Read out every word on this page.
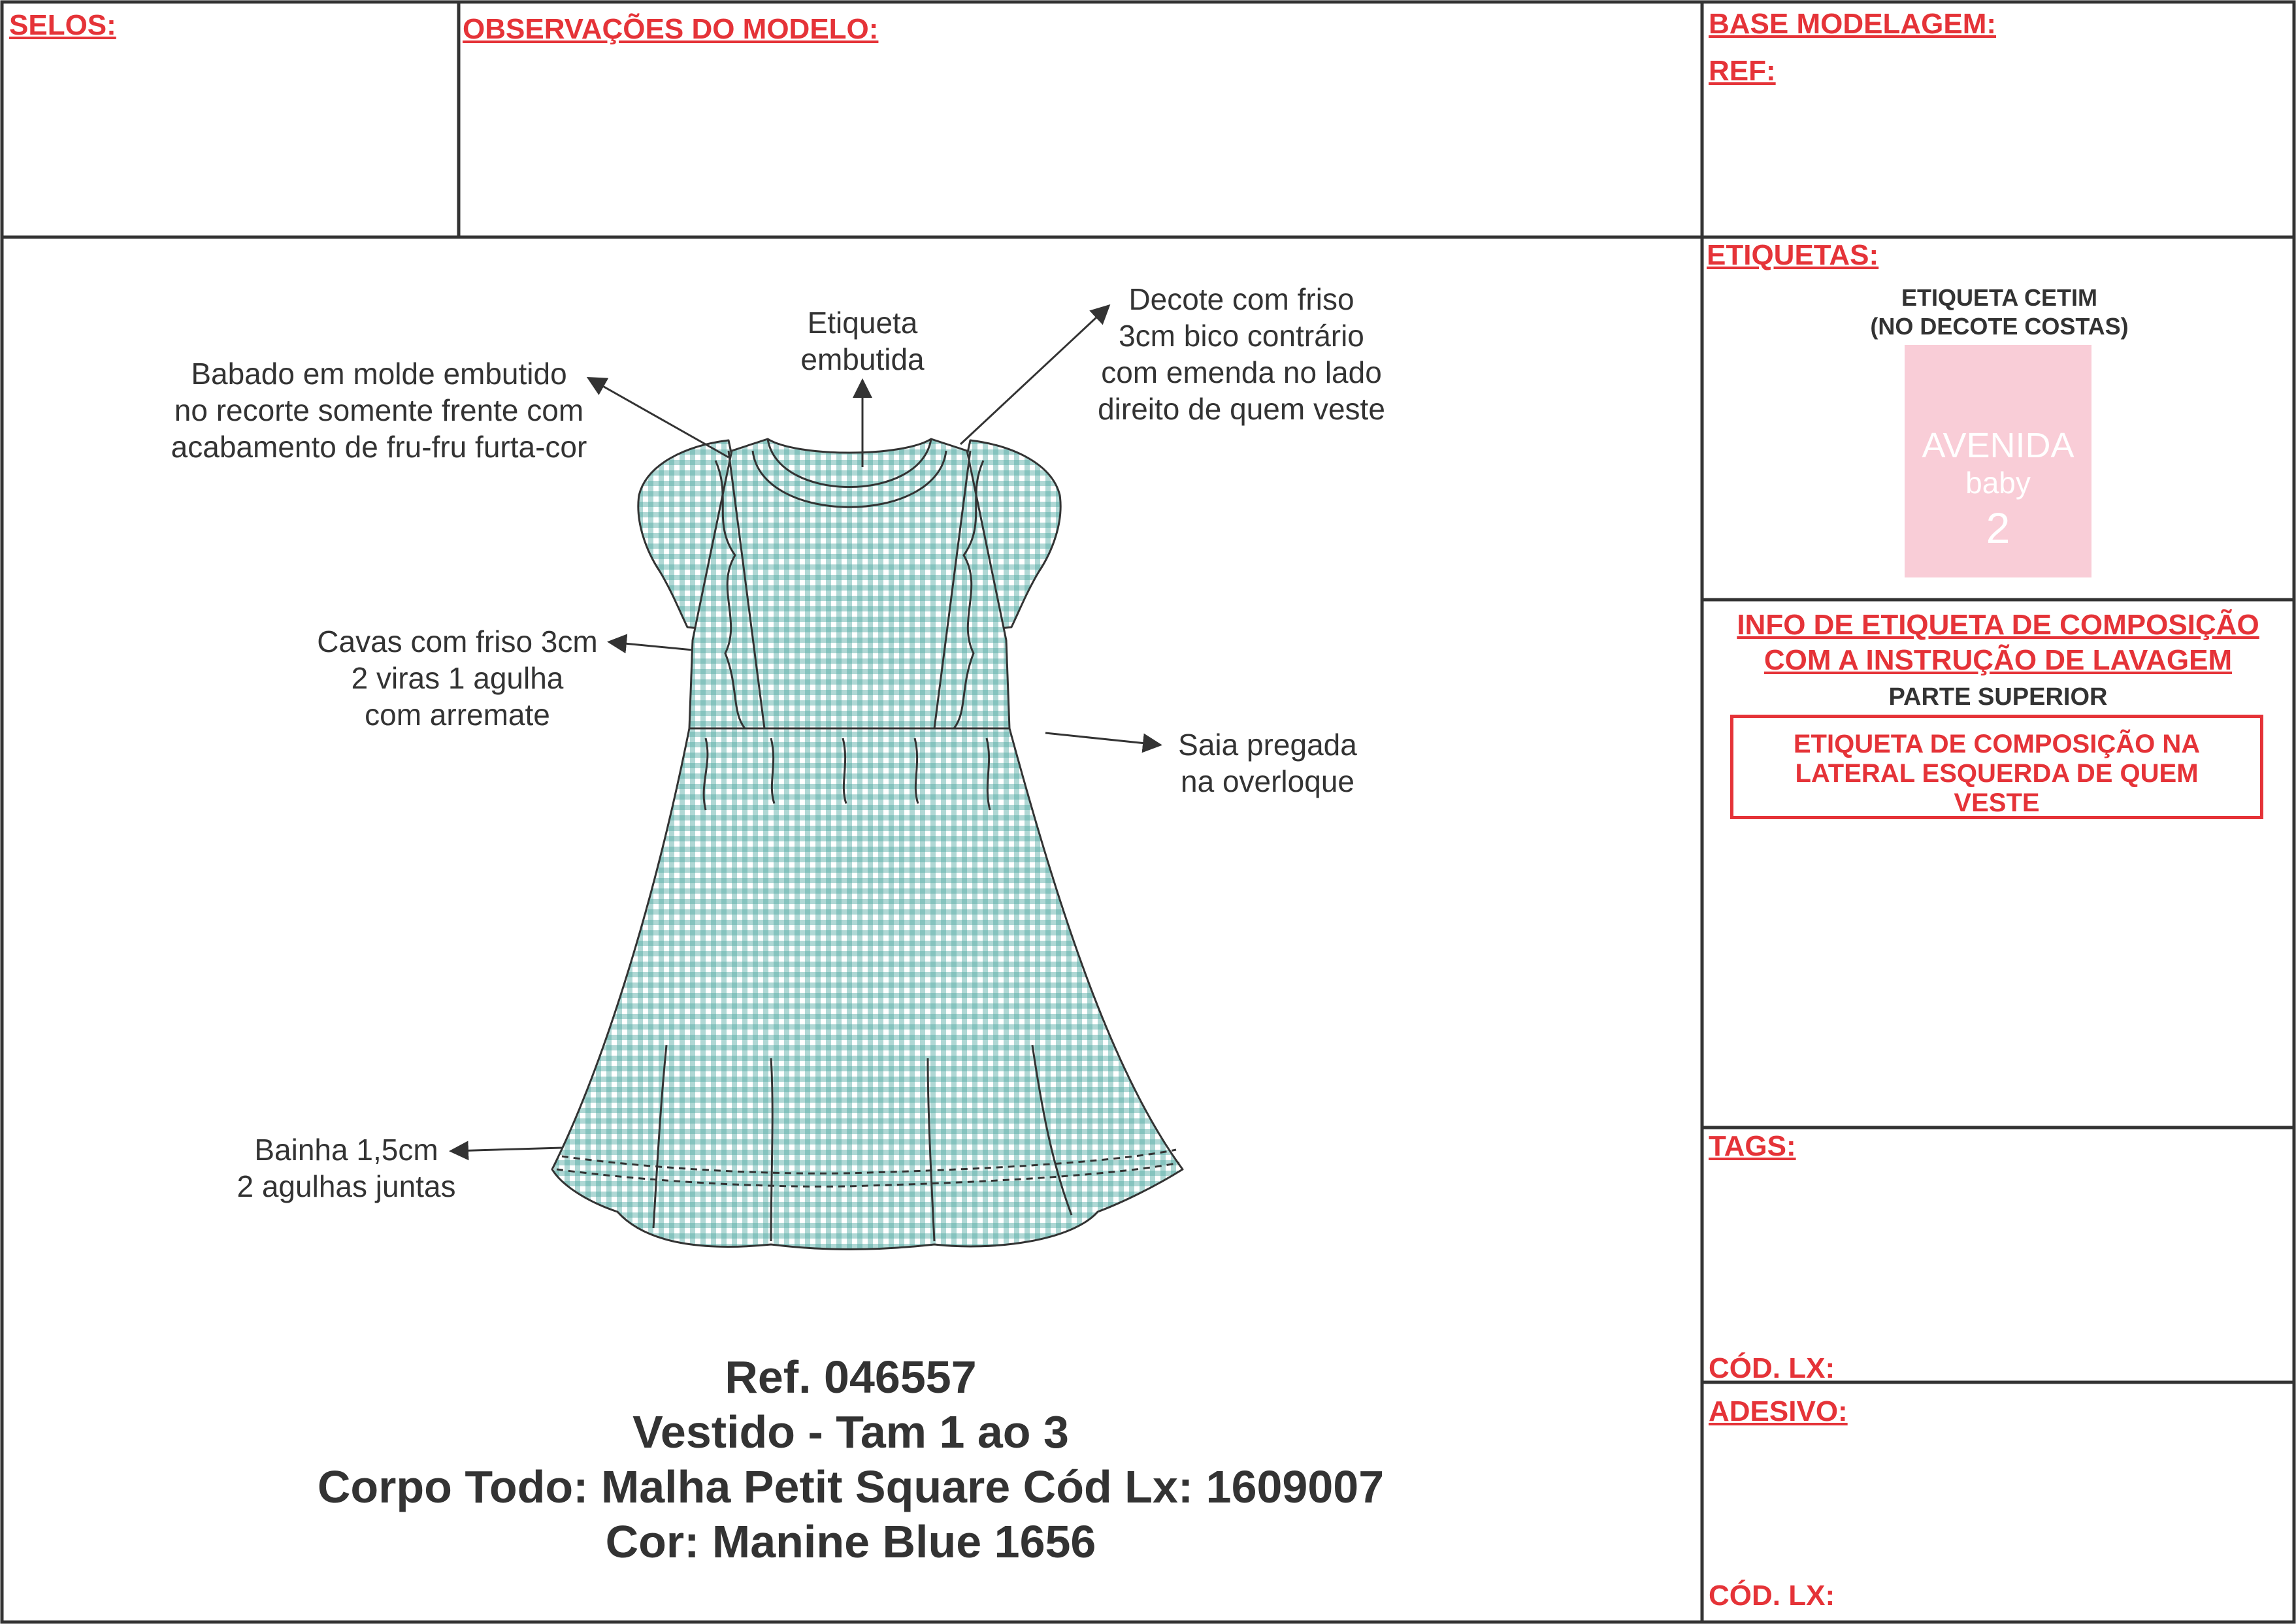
SELOS:	OBSERVAÇÕES DO MODELO:	BASE MODELAGEM:
REF:
ETIQUETAS:
ETIQUETA CETIM
(NO DECOTE COSTAS)
AVENIDA
baby
2
INFO DE ETIQUETA DE COMPOSIÇÃO
COM A INSTRUÇÃO DE LAVAGEM
PARTE SUPERIOR
ETIQUETA DE COMPOSIÇÃO NA
LATERAL ESQUERDA DE QUEM
VESTE
TAGS:
CÓD. LX:
ADESIVO:
CÓD. LX:
Babado em molde embutido
no recorte somente frente com
acabamento de fru-fru furta-cor
Etiqueta
embutida
Decote com friso
3cm bico contrário
com emenda no lado
direito de quem veste
Cavas com friso 3cm
2 viras 1 agulha
com arremate
Saia pregada
na overloque
Bainha 1,5cm
2 agulhas juntas
Ref. 046557
Vestido - Tam 1 ao 3
Corpo Todo: Malha Petit Square Cód Lx: 1609007
Cor: Manine Blue 1656
